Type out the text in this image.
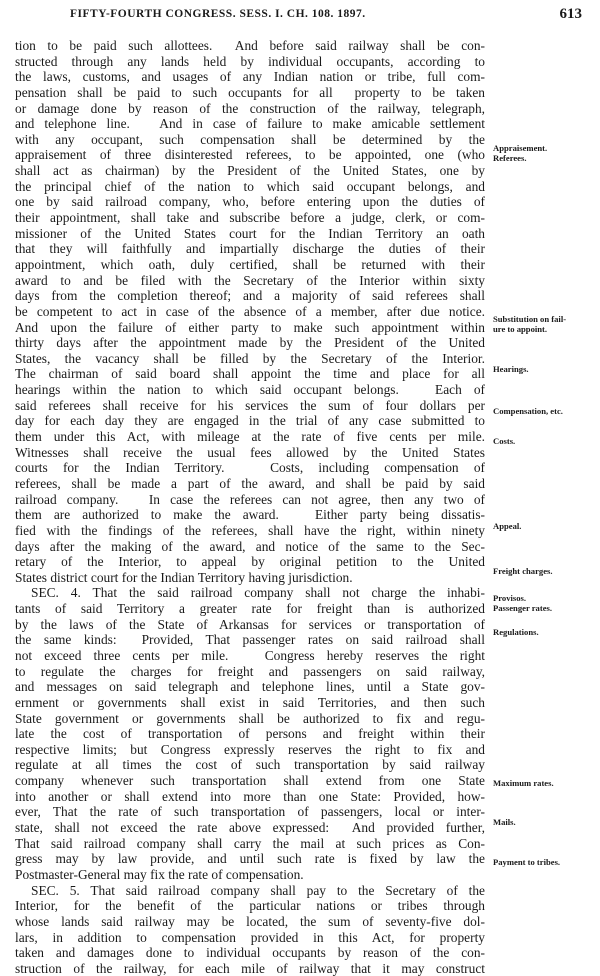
FIFTY-FOURTH CONGRESS. SESS. I. CH. 108. 1897.	613
tion to be paid such allottees.  And before said railway shall be con-
structed through any lands held by individual occupants, according to
the laws, customs, and usages of any Indian nation or tribe, full com-
pensation shall be paid to such occupants for all  property to be taken
or damage done by reason of the construction of the railway, telegraph,
and telephone line.   And in case of failure to make amicable settlement
with any occupant, such compensation shall be determined by the
appraisement of three disinterested referees, to be appointed, one (who
shall act as chairman) by the President of the United States, one by
the principal chief of the nation to which said occupant belongs, and
one by said railroad company, who, before entering upon the duties of
their appointment, shall take and subscribe before a judge, clerk, or com-
missioner of the United States court for the Indian Territory an oath
that they will faithfully and impartially discharge the duties of their
appointment, which oath, duly certified, shall be returned with their
award to and be filed with the Secretary of the Interior within sixty
days from the completion thereof; and a majority of said referees shall
be competent to act in case of the absence of a member, after due notice.
And upon the failure of either party to make such appointment within
thirty days after the appointment made by the President of the United
States, the vacancy shall be filled by the Secretary of the Interior.
The chairman of said board shall appoint the time and place for all
hearings within the nation to which said occupant belongs.   Each of
said referees shall receive for his services the sum of four dollars per
day for each day they are engaged in the trial of any case submitted to
them under this Act, with mileage at the rate of five cents per mile.
Witnesses shall receive the usual fees allowed by the United States
courts for the Indian Territory.   Costs, including compensation of
referees, shall be made a part of the award, and shall be paid by said
railroad company.   In case the referees can not agree, then any two of
them are authorized to make the award.   Either party being dissatis-
fied with the findings of the referees, shall have the right, within ninety
days after the making of the award, and notice of the same to the Sec-
retary of the Interior, to appeal by original petition to the United
States district court for the Indian Territory having jurisdiction.
SEC. 4. That the said railroad company shall not charge the inhabi-
tants of said Territory a greater rate for freight than is authorized
by the laws of the State of Arkansas for services or transportation of
the same kinds:  Provided, That passenger rates on said railroad shall
not exceed three cents per mile.   Congress hereby reserves the right
to regulate the charges for freight and passengers on said railway,
and messages on said telegraph and telephone lines, until a State gov-
ernment or governments shall exist in said Territories, and then such
State government or governments shall be authorized to fix and regu-
late the cost of transportation of persons and freight within their
respective limits; but Congress expressly reserves the right to fix and
regulate at all times the cost of such transportation by said railway
company whenever such transportation shall extend from one State
into another or shall extend into more than one State: Provided, how-
ever, That the rate of such transportation of passengers, local or inter-
state, shall not exceed the rate above expressed:  And provided further,
That said railroad company shall carry the mail at such prices as Con-
gress may by law provide, and until such rate is fixed by law the
Postmaster-General may fix the rate of compensation.
SEC. 5. That said railroad company shall pay to the Secretary of the
Interior, for the benefit of the particular nations or tribes through
whose lands said railway may be located, the sum of seventy-five dol-
lars, in addition to compensation provided in this Act, for property
taken and damages done to individual occupants by reason of the con-
struction of the railway, for each mile of railway that it may construct
Appraisement.
Referees.
Substitution on fail-
ure to appoint.
Hearings.
Compensation, etc.
Costs.
Appeal.
Freight charges.
Provisos.
Passenger rates.
Regulations.
Maximum rates.
Mails.
Payment to tribes.
